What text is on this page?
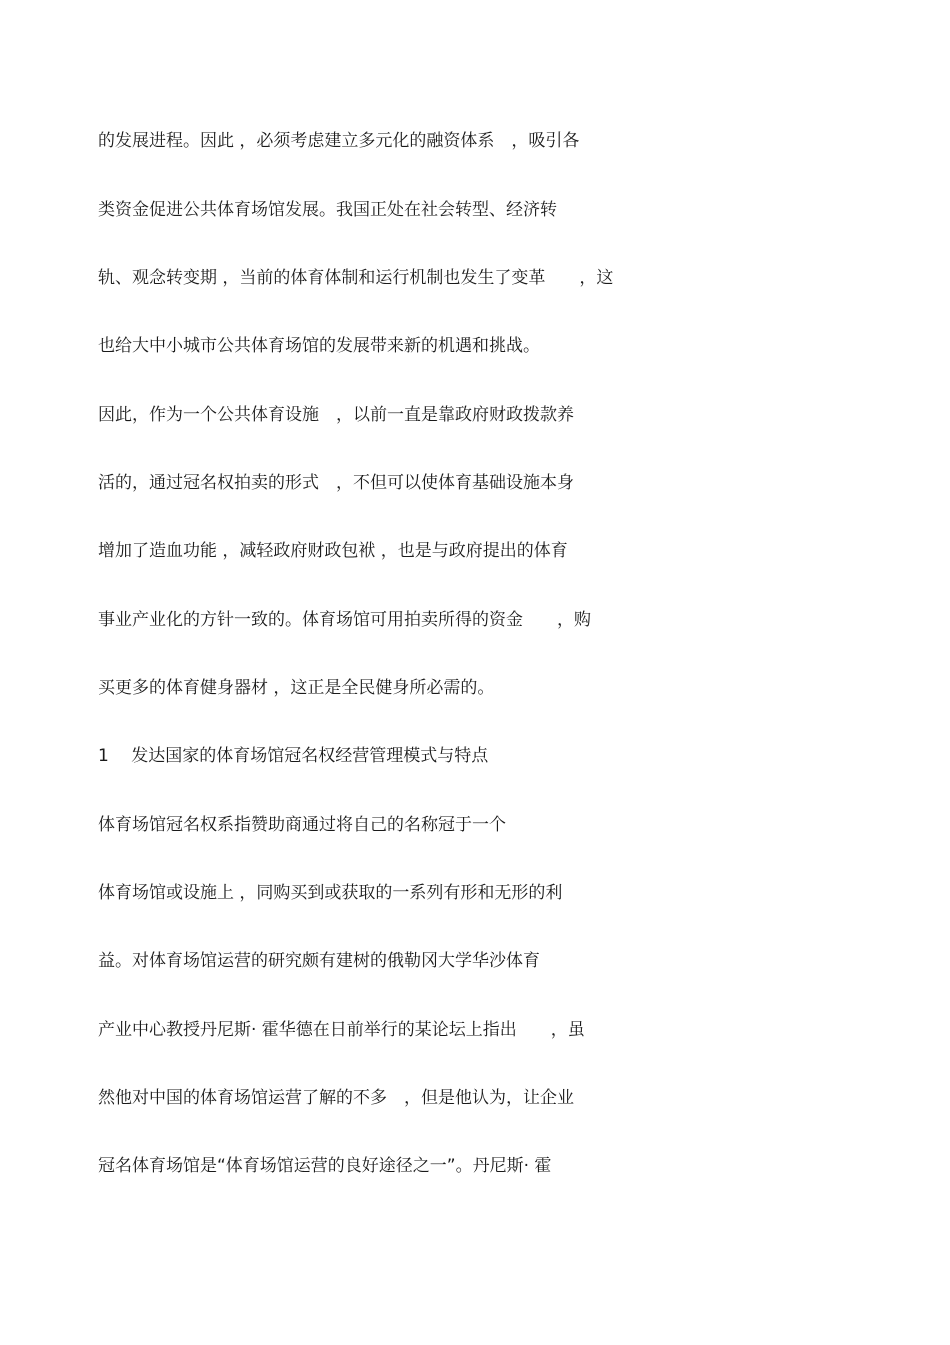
的发展进程。因此 ，必须考虑建立多元化的融资体系　，吸引各

类资金促进公共体育场馆发展。我国正处在社会转型、经济转

轨、观念转变期 ，当前的体育体制和运行机制也发生了变革　　，这

也给大中小城市公共体育场馆的发展带来新的机遇和挑战。

因此，作为一个公共体育设施　，以前一直是靠政府财政拨款养

活的，通过冠名权拍卖的形式　，不但可以使体育基础设施本身

增加了造血功能 ，减轻政府财政包袱 ，也是与政府提出的体育

事业产业化的方针一致的。体育场馆可用拍卖所得的资金　　，购

买更多的体育健身器材 ，这正是全民健身所必需的。

1　 发达国家的体育场馆冠名权经营管理模式与特点

体育场馆冠名权系指赞助商通过将自己的名称冠于一个

体育场馆或设施上 ，同购买到或获取的一系列有形和无形的利

益。对体育场馆运营的研究颇有建树的俄勒冈大学华沙体育

产业中心教授丹尼斯· 霍华德在日前举行的某论坛上指出　　，虽

然他对中国的体育场馆运营了解的不多　，但是他认为，让企业

冠名体育场馆是“体育场馆运营的良好途径之一”。丹尼斯· 霍
